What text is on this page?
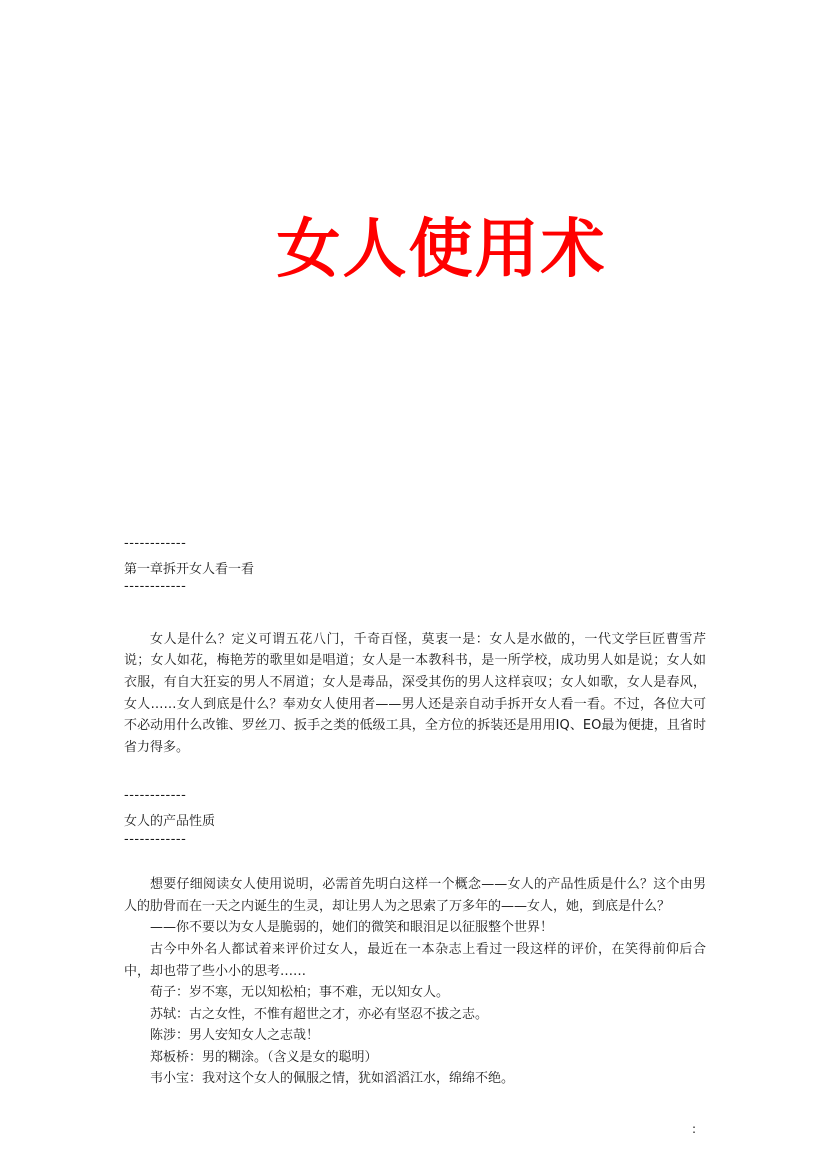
女人使用术
------------
第一章拆开女人看一看
------------

女人是什么？定义可谓五花八门，千奇百怪，莫衷一是：女人是水做的，一代文学巨匠曹雪芹说；女人如花，梅艳芳的歌里如是唱道；女人是一本教科书，是一所学校，成功男人如是说；女人如衣服，有自大狂妄的男人不屑道；女人是毒品，深受其伤的男人这样哀叹；女人如歌，女人是春风，女人……女人到底是什么？奉劝女人使用者——男人还是亲自动手拆开女人看一看。不过，各位大可不必动用什么改锥、罗丝刀、扳手之类的低级工具，全方位的拆装还是用用IQ、EO最为便捷，且省时省力得多。

------------
女人的产品性质
------------

想要仔细阅读女人使用说明，必需首先明白这样一个概念——女人的产品性质是什么？这个由男人的肋骨而在一天之内诞生的生灵，却让男人为之思索了万多年的——女人，她，到底是什么？

——你不要以为女人是脆弱的，她们的微笑和眼泪足以征服整个世界！

古今中外名人都试着来评价过女人，最近在一本杂志上看过一段这样的评价，在笑得前仰后合中，却也带了些小小的思考……

荀子：岁不寒，无以知松柏；事不难，无以知女人。

苏轼：古之女性，不惟有超世之才，亦必有坚忍不拔之志。

陈涉：男人安知女人之志哉！

郑板桥：男的糊涂。（含义是女的聪明）

韦小宝：我对这个女人的佩服之情，犹如滔滔江水，绵绵不绝。

:
